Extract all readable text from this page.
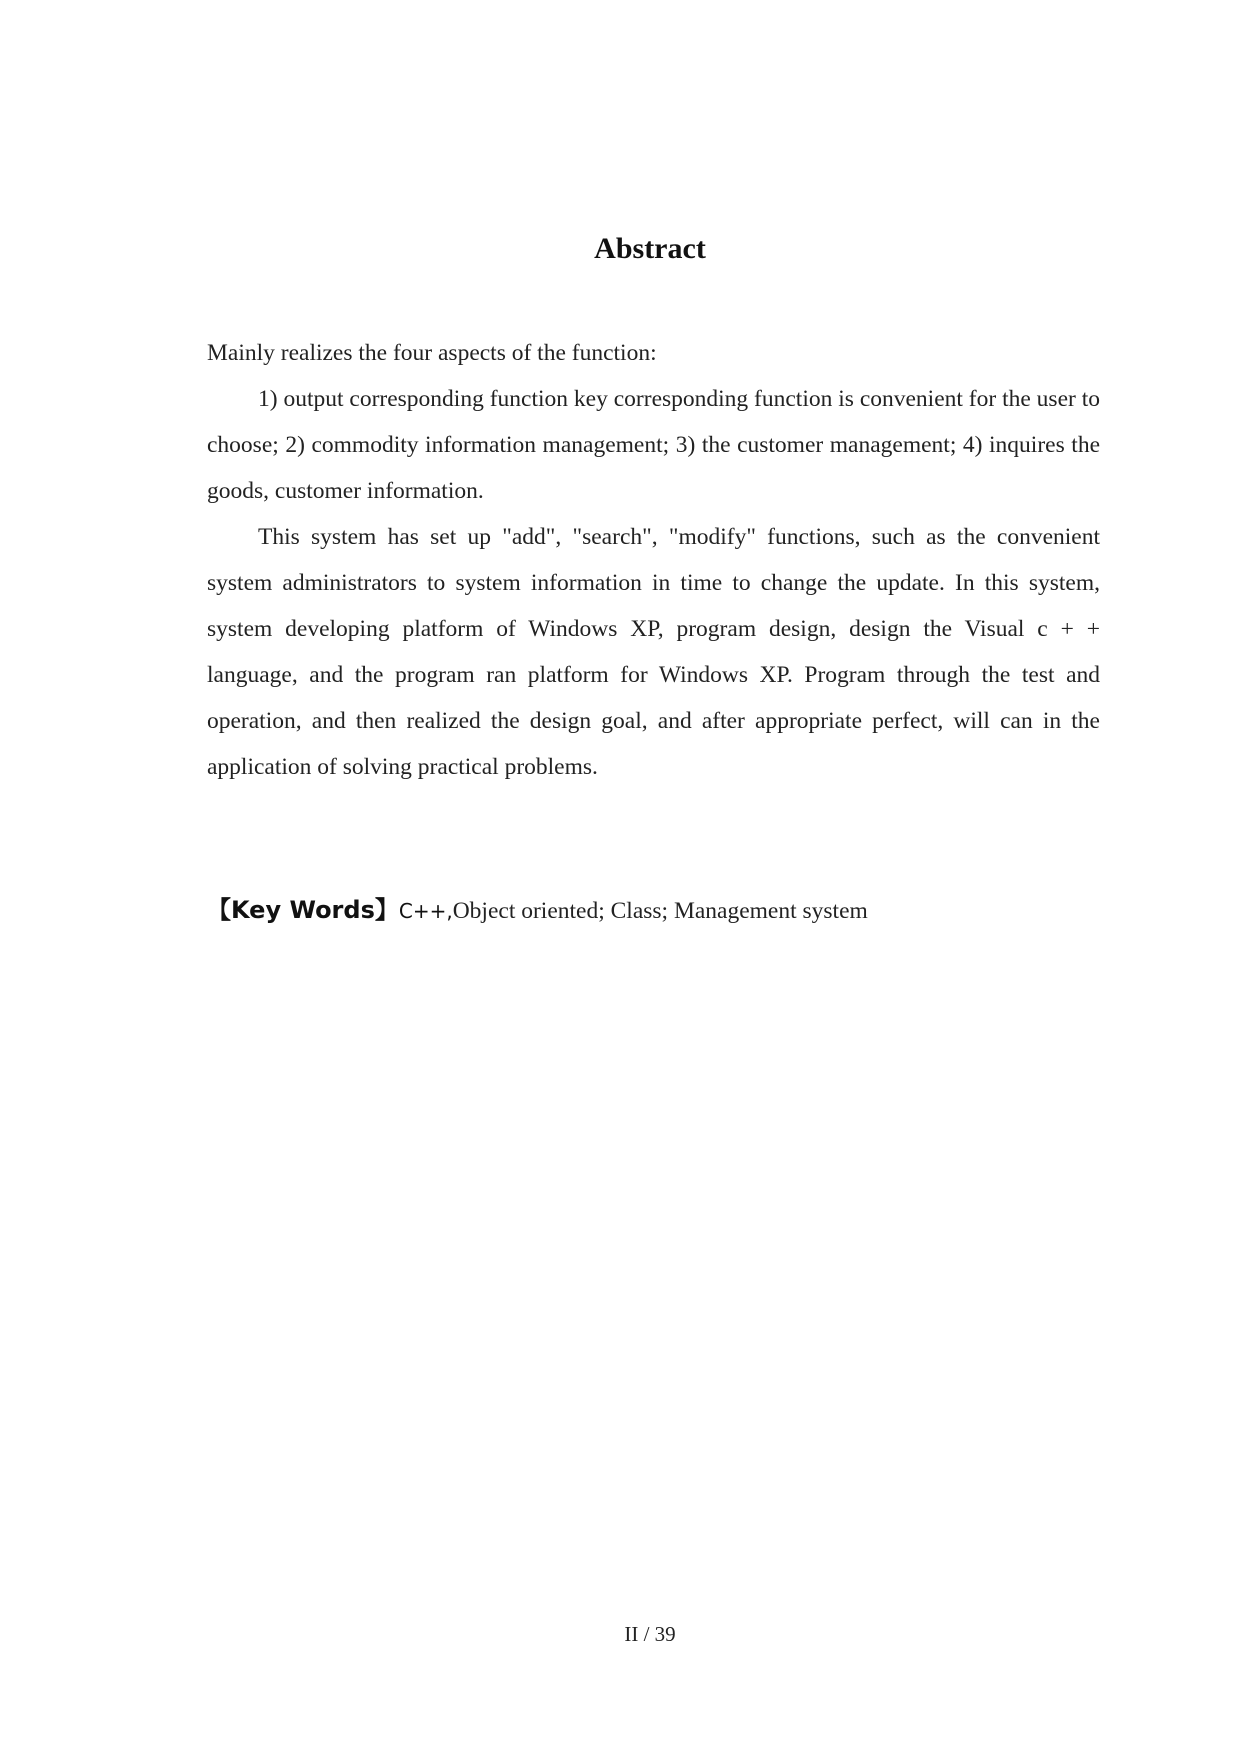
Abstract

Mainly realizes the four aspects of the function:

1) output corresponding function key corresponding function is convenient for the user to choose; 2) commodity information management; 3) the customer management; 4) inquires the goods, customer information.

This system has set up "add", "search", "modify" functions, such as the convenient system administrators to system information in time to change the update. In this system, system developing platform of Windows XP, program design, design the Visual c + + language, and the program ran platform for Windows XP. Program through the test and operation, and then realized the design goal, and after appropriate perfect, will can in the application of solving practical problems.

【Key Words】C++,Object oriented; Class; Management system
II / 39
